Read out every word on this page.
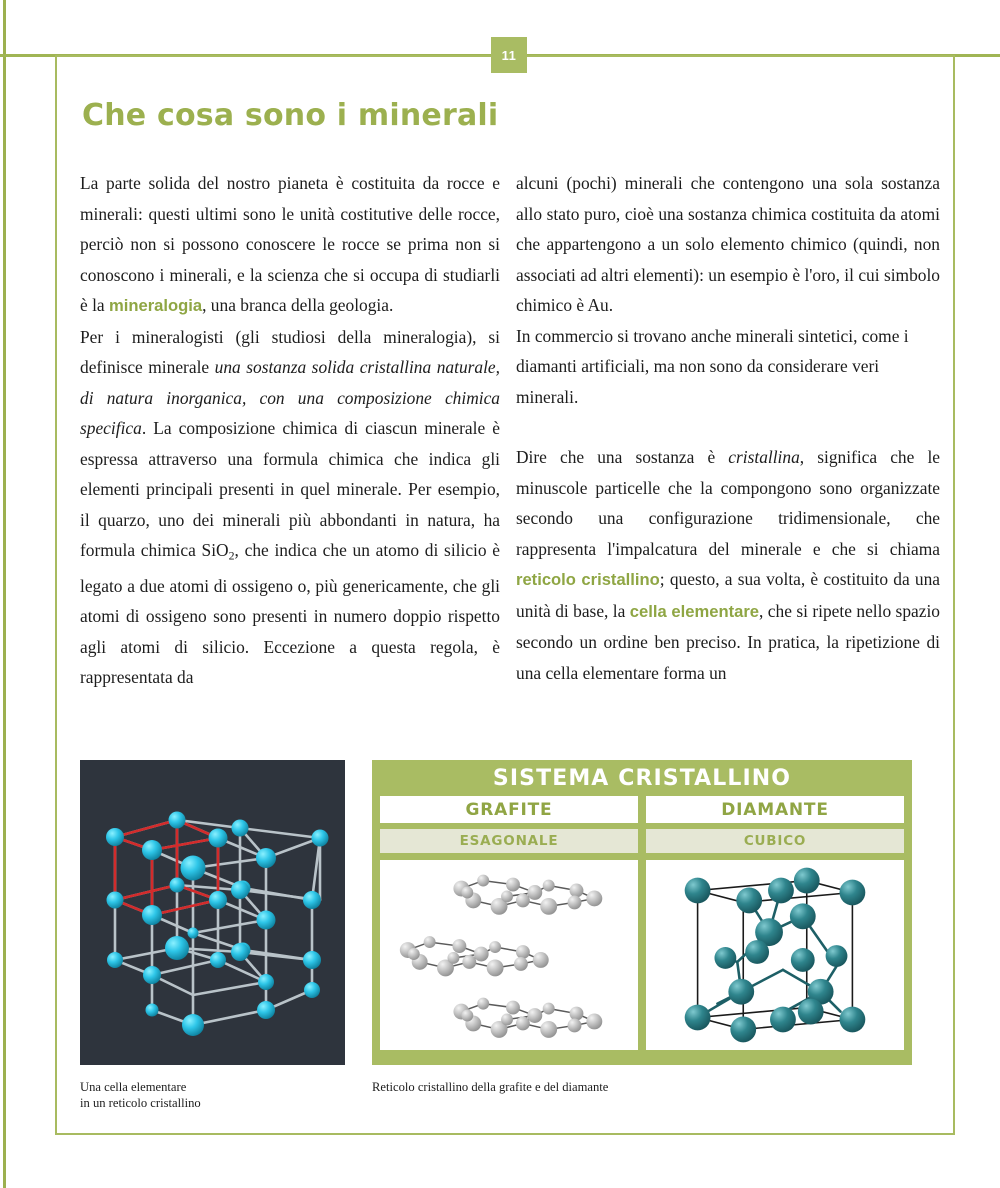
11
Che cosa sono i minerali

La parte solida del nostro pianeta è costituita da rocce e minerali: questi ultimi sono le unità costitutive delle rocce, perciò non si possono conoscere le rocce se prima non si conoscono i minerali, e la scienza che si occupa di studiarli è la mineralogia, una branca della geologia.

Per i mineralogisti (gli studiosi della mineralogia), si definisce minerale una sostanza solida cristallina naturale, di natura inorganica, con una composizione chimica specifica. La composizione chimica di ciascun minerale è espressa attraverso una formula chimica che indica gli elementi principali presenti in quel minerale. Per esempio, il quarzo, uno dei minerali più abbondanti in natura, ha formula chimica SiO$_2$, che indica che un atomo di silicio è legato a due atomi di ossigeno o, più genericamente, che gli atomi di ossigeno sono presenti in numero doppio rispetto agli atomi di silicio. Eccezione a questa regola, è rappresentata da

alcuni (pochi) minerali che contengono una sola sostanza allo stato puro, cioè una sostanza chimica costituita da atomi che appartengono a un solo elemento chimico (quindi, non associati ad altri elementi): un esempio è l'oro, il cui simbolo chimico è Au.

In commercio si trovano anche minerali sintetici, come i diamanti artificiali, ma non sono da considerare veri minerali.

Dire che una sostanza è cristallina, significa che le minuscole particelle che la compongono sono organizzate secondo una configurazione tridimensionale, che rappresenta l'impalcatura del minerale e che si chiama reticolo cristallino; questo, a sua volta, è costituito da una unità di base, la cella elementare, che si ripete nello spazio secondo un ordine ben preciso. In pratica, la ripetizione di una cella elementare forma un

Una cella elementare
in un reticolo cristallino
SISTEMA CRISTALLINO
GRAFITE	DIAMANTE
ESAGONALE	CUBICO
Reticolo cristallino della grafite e del diamante
